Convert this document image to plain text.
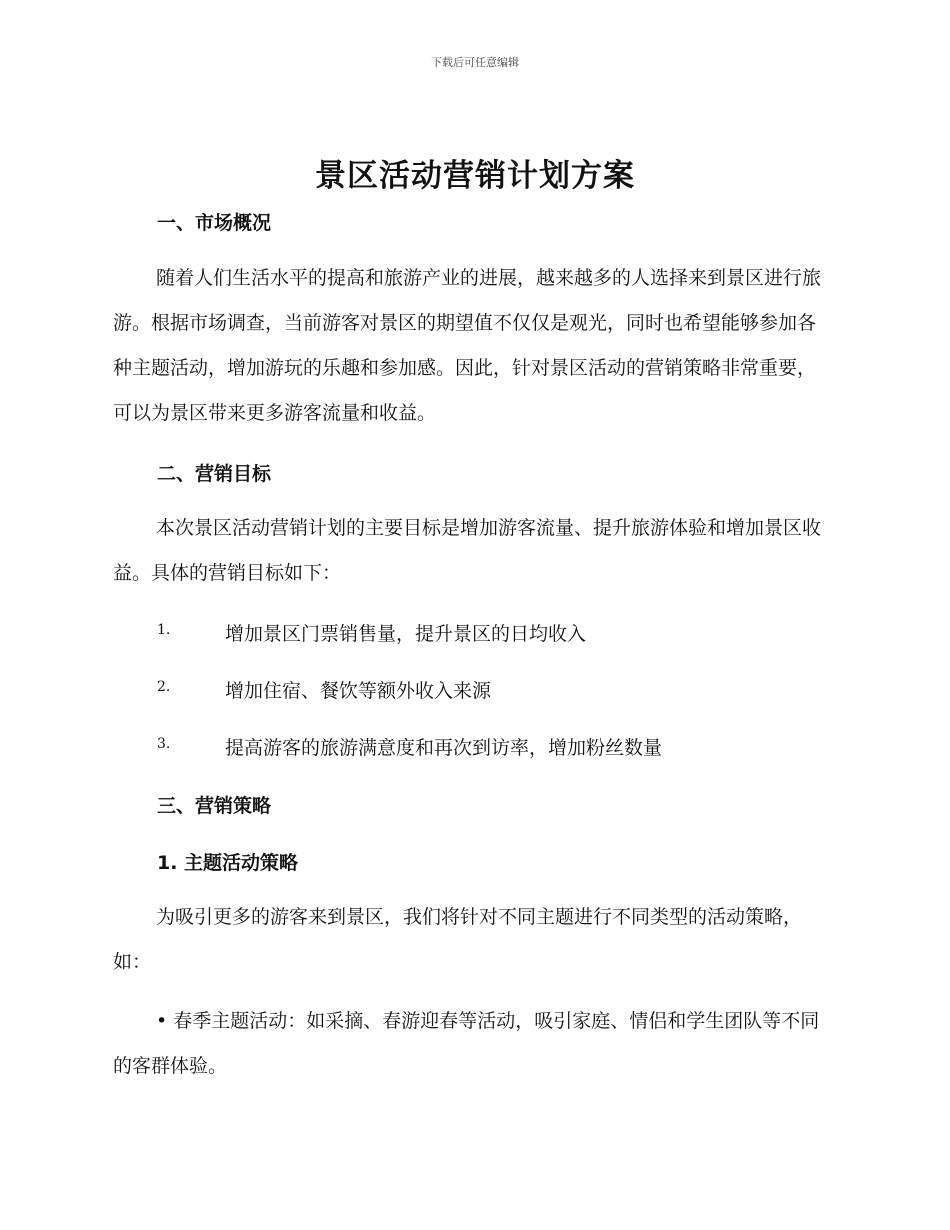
下载后可任意编辑
景区活动营销计划方案
一、市场概况
随着人们生活水平的提高和旅游产业的进展，越来越多的人选择来到景区进行旅游。根据市场调查，当前游客对景区的期望值不仅仅是观光，同时也希望能够参加各种主题活动，增加游玩的乐趣和参加感。因此，针对景区活动的营销策略非常重要，可以为景区带来更多游客流量和收益。
二、营销目标
本次景区活动营销计划的主要目标是增加游客流量、提升旅游体验和增加景区收益。具体的营销目标如下：
1.	增加景区门票销售量，提升景区的日均收入
2.	增加住宿、餐饮等额外收入来源
3.	提高游客的旅游满意度和再次到访率，增加粉丝数量
三、营销策略
1. 主题活动策略
为吸引更多的游客来到景区，我们将针对不同主题进行不同类型的活动策略，如：
• 春季主题活动：如采摘、春游迎春等活动，吸引家庭、情侣和学生团队等不同的客群体验。
